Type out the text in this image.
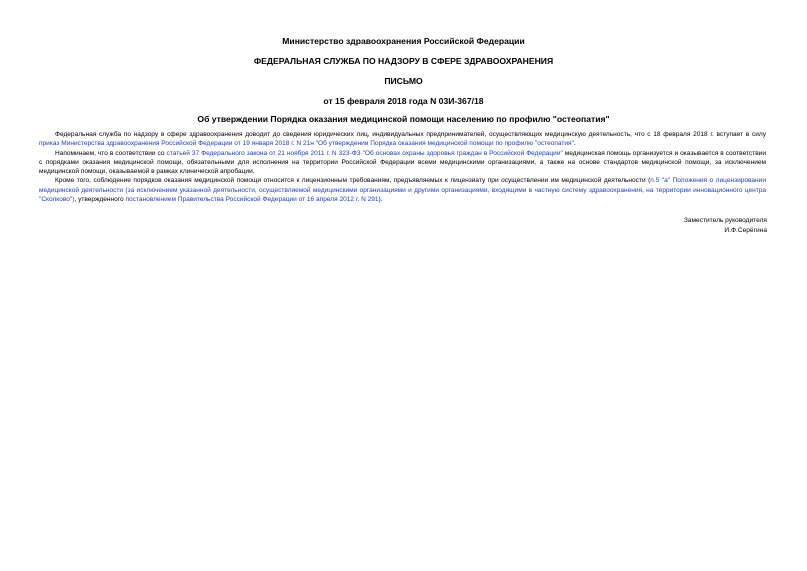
Министерство здравоохранения Российской Федерации
ФЕДЕРАЛЬНАЯ СЛУЖБА ПО НАДЗОРУ В СФЕРЕ ЗДРАВООХРАНЕНИЯ
ПИСЬМО
от 15 февраля 2018 года N 03И-367/18
Об утверждении Порядка оказания медицинской помощи населению по профилю "остеопатия"

Федеральная служба по надзору в сфере здравоохранения доводит до сведения юридических лиц, индивидуальных предпринимателей, осуществляющих медицинскую деятельность, что с 18 февраля 2018 г. вступает в силу приказ Министерства здравоохранения Российской Федерации от 19 января 2018 г. N 21н "Об утверждении Порядка оказания медицинской помощи по профилю "остеопатия".

Напоминаем, что в соответствии со статьей 37 Федерального закона от 21 ноября 2011 г. N 323-ФЗ "Об основах охраны здоровья граждан в Российской Федерации" медицинская помощь организуется и оказывается в соответствии с порядками оказания медицинской помощи, обязательными для исполнения на территории Российской Федерации всеми медицинскими организациями, а также на основе стандартов медицинской помощи, за исключением медицинской помощи, оказываемой в рамках клинической апробации.

Кроме того, соблюдение порядков оказания медицинской помощи относится к лицензионным требованиям, предъявляемых к лицензиату при осуществлении им медицинской деятельности (п.5 "а" Положения о лицензировании медицинской деятельности (за исключением указанной деятельности, осуществляемой медицинскими организациями и другими организациями, входящими в частную систему здравоохранения, на территории инновационного центра "Сколково"), утвержденного постановлением Правительства Российской Федерации от 16 апреля 2012 г. N 291).

Заместитель руководителя
И.Ф.Серёгина
